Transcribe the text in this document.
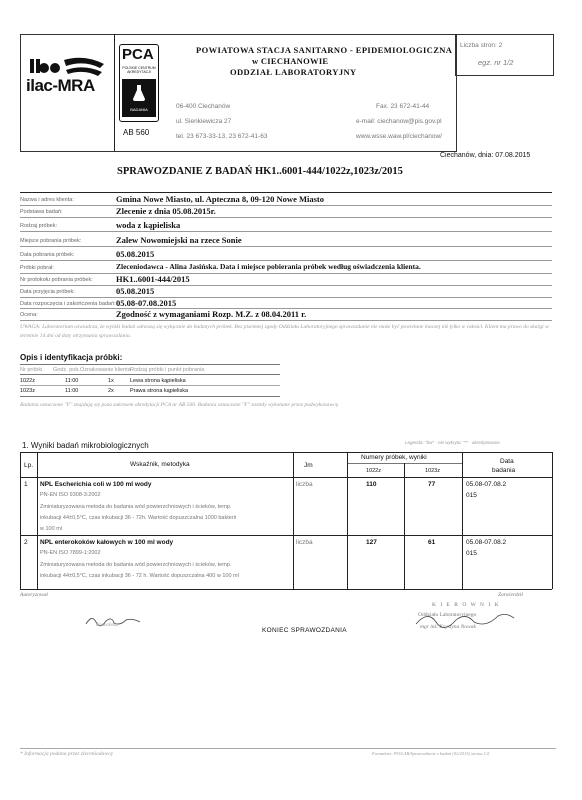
ilac-MRA
PCA
POLSKIE CENTRUM AKREDYTACJI
BADANIA
AB 560
POWIATOWA STACJA SANITARNO - EPIDEMIOLOGICZNA
w CIECHANOWIE
ODDZIAŁ LABORATORYJNY
06-400 Ciechanów
ul. Sienkiewicza 27
tel. 23 673-33-13, 23 672-41-63
Fax. 23 672-41-44
e-mail: ciechanow@pis.gov.pl
www.wsse.waw.pl/ciechanow/
Liczba stron: 2
egz. nr 1/2
Ciechanów, dnia: 07.08.2015
SPRAWOZDANIE Z BADAŃ HK1..6001-444/1022z,1023z/2015
Nazwa i adres klienta:	Gmina Nowe Miasto, ul. Apteczna 8, 09-120 Nowe Miasto
Podstawa badań:	Zlecenie z dnia 05.08.2015r.
Rodzaj próbek:	woda z kąpieliska
Miejsce pobrania próbek:	Zalew Nowomiejski na rzece Sonie
Data pobrania próbek:	05.08.2015
Próbki pobrał:	Zleceniodawca - Alina Jasińska. Data i miejsce pobierania próbek według oświadczenia klienta.
Nr protokołu pobrania próbek:	HK1..6001-444/2015
Data przyjęcia próbek:	05.08.2015
Data rozpoczęcia i zakończenia badań: 05.08-07.08.2015
Ocena:	Zgodność z wymaganiami Rozp. M.Z. z 08.04.2011 r.
UWAGA: Laboratorium oświadcza, że wyniki badań odnoszą się wyłącznie do badanych próbek. Bez pisemnej zgody Oddziału Laboratoryjnego sprawozdanie nie może być powielane inaczej niż tylko w całości. Klient ma prawo do skargi w terminie 14 dni od daty otrzymania sprawozdania.
Opis i identyfikacja próbki:
Nr próbki Godz. pob. Oznakowanie klienta Rodzaj próbki i punkt pobrania
1022z	11:00	1x	Lewa strona kąpieliska
1023z	11:00	2x	Prawa strona kąpieliska
Badania oznaczone "F" znajdują się poza zakresem akredytacji PCA nr AB 560. Badania oznaczone "F" zostały wykonane przez podwykonawcę.
Legenda: "bw" - nie wykryto; "*" - akredytowane
1. Wyniki badań mikrobiologicznych
Lp.	Wskaźnik, metodyka	Jm
Numery próbek, wyniki
1022z	1023z
Data
badania
1 NPL Escherichia coli w 100 ml wody
PN-EN ISO 9308-3:2002
Zminiaturyzowana metoda do badania wód powierzchniowych i ścieków, temp.
inkubacji 44±0,5°C, czas inkubacji 36 - 72h. Wartość dopuszczalna 1000 bakterii
w 100 ml
liczba	110	77	05.08-07.08.2
015
2 NPL enterokoków kałowych w 100 ml wody
PN-EN ISO 7899-1:2002
Zminiaturyzowana metoda do badania wód powierzchniowych i ścieków, temp.
inkubacji 44±0,5°C, czas inkubacji 36 - 72 h. Wartość dopuszczalna 400 w 100 ml
liczba	127	61	05.08-07.08.2
015
Autoryzował	Zatwierdził
Kowalska
K I E R O W N I K
Oddziału Laboratoryjnego
mgr inż. Krystyna Nowak
KONIEC SPRAWOZDANIA
* Informacja podana przez zleceniodawcę	Formularz: PO/LAB/Sprawozdanie z badań (02/2015) strona 1/2
